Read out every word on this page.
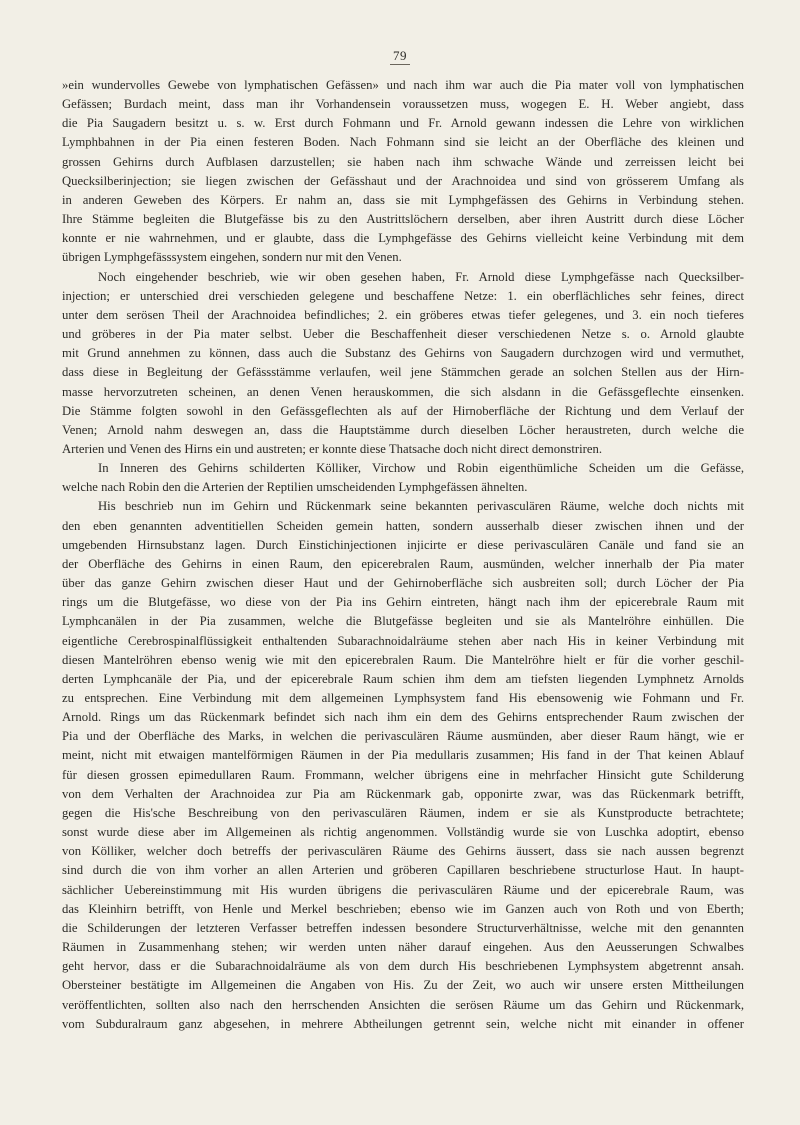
79
»ein wundervolles Gewebe von lymphatischen Gefässen» und nach ihm war auch die Pia mater voll von lymphatischen
Gefässen; Burdach meint, dass man ihr Vorhandensein voraussetzen muss, wogegen E. H. Weber angiebt, dass
die Pia Saugadern besitzt u. s. w. Erst durch Fohmann und Fr. Arnold gewann indessen die Lehre von wirklichen
Lymphbahnen in der Pia einen festeren Boden. Nach Fohmann sind sie leicht an der Oberfläche des kleinen und
grossen Gehirns durch Aufblasen darzustellen; sie haben nach ihm schwache Wände und zerreissen leicht bei
Quecksilberinjection; sie liegen zwischen der Gefässhaut und der Arachnoidea und sind von grösserem Umfang als
in anderen Geweben des Körpers. Er nahm an, dass sie mit Lymphgefässen des Gehirns in Verbindung stehen.
Ihre Stämme begleiten die Blutgefässe bis zu den Austrittslöchern derselben, aber ihren Austritt durch diese Löcher
konnte er nie wahrnehmen, und er glaubte, dass die Lymphgefässe des Gehirns vielleicht keine Verbindung mit dem
übrigen Lymphgefässsystem eingehen, sondern nur mit den Venen.
Noch eingehender beschrieb, wie wir oben gesehen haben, Fr. Arnold diese Lymphgefässe nach Quecksilber-
injection; er unterschied drei verschieden gelegene und beschaffene Netze: 1. ein oberflächliches sehr feines, direct
unter dem serösen Theil der Arachnoidea befindliches; 2. ein gröberes etwas tiefer gelegenes, und 3. ein noch tieferes
und gröberes in der Pia mater selbst. Ueber die Beschaffenheit dieser verschiedenen Netze s. o. Arnold glaubte
mit Grund annehmen zu können, dass auch die Substanz des Gehirns von Saugadern durchzogen wird und vermuthet,
dass diese in Begleitung der Gefässstämme verlaufen, weil jene Stämmchen gerade an solchen Stellen aus der Hirn-
masse hervorzutreten scheinen, an denen Venen herauskommen, die sich alsdann in die Gefässgeflechte einsenken.
Die Stämme folgten sowohl in den Gefässgeflechten als auf der Hirnoberfläche der Richtung und dem Verlauf der
Venen; Arnold nahm deswegen an, dass die Hauptstämme durch dieselben Löcher heraustreten, durch welche die
Arterien und Venen des Hirns ein und austreten; er konnte diese Thatsache doch nicht direct demonstriren.
In Inneren des Gehirns schilderten Kölliker, Virchow und Robin eigenthümliche Scheiden um die Gefässe,
welche nach Robin den die Arterien der Reptilien umscheidenden Lymphgefässen ähnelten.
His beschrieb nun im Gehirn und Rückenmark seine bekannten perivasculären Räume, welche doch nichts mit
den eben genannten adventitiellen Scheiden gemein hatten, sondern ausserhalb dieser zwischen ihnen und der
umgebenden Hirnsubstanz lagen. Durch Einstichinjectionen injicirte er diese perivasculären Canäle und fand sie an
der Oberfläche des Gehirns in einen Raum, den epicerebralen Raum, ausmünden, welcher innerhalb der Pia mater
über das ganze Gehirn zwischen dieser Haut und der Gehirnoberfläche sich ausbreiten soll; durch Löcher der Pia
rings um die Blutgefässe, wo diese von der Pia ins Gehirn eintreten, hängt nach ihm der epicerebrale Raum mit
Lymphcanälen in der Pia zusammen, welche die Blutgefässe begleiten und sie als Mantelröhre einhüllen. Die
eigentliche Cerebrospinalflüssigkeit enthaltenden Subarachnoidalräume stehen aber nach His in keiner Verbindung mit
diesen Mantelröhren ebenso wenig wie mit den epicerebralen Raum. Die Mantelröhre hielt er für die vorher geschil-
derten Lymphcanäle der Pia, und der epicerebrale Raum schien ihm dem am tiefsten liegenden Lymphnetz Arnolds
zu entsprechen. Eine Verbindung mit dem allgemeinen Lymphsystem fand His ebensowenig wie Fohmann und Fr.
Arnold. Rings um das Rückenmark befindet sich nach ihm ein dem des Gehirns entsprechender Raum zwischen der
Pia und der Oberfläche des Marks, in welchen die perivasculären Räume ausmünden, aber dieser Raum hängt, wie er
meint, nicht mit etwaigen mantelförmigen Räumen in der Pia medullaris zusammen; His fand in der That keinen Ablauf
für diesen grossen epimedullaren Raum. Frommann, welcher übrigens eine in mehrfacher Hinsicht gute Schilderung
von dem Verhalten der Arachnoidea zur Pia am Rückenmark gab, opponirte zwar, was das Rückenmark betrifft,
gegen die His'sche Beschreibung von den perivasculären Räumen, indem er sie als Kunstproducte betrachtete;
sonst wurde diese aber im Allgemeinen als richtig angenommen. Vollständig wurde sie von Luschka adoptirt, ebenso
von Kölliker, welcher doch betreffs der perivasculären Räume des Gehirns äussert, dass sie nach aussen begrenzt
sind durch die von ihm vorher an allen Arterien und gröberen Capillaren beschriebene structurlose Haut. In haupt-
sächlicher Uebereinstimmung mit His wurden übrigens die perivasculären Räume und der epicerebrale Raum, was
das Kleinhirn betrifft, von Henle und Merkel beschrieben; ebenso wie im Ganzen auch von Roth und von Eberth;
die Schilderungen der letzteren Verfasser betreffen indessen besondere Structurverhältnisse, welche mit den genannten
Räumen in Zusammenhang stehen; wir werden unten näher darauf eingehen. Aus den Aeusserungen Schwalbes
geht hervor, dass er die Subarachnoidalräume als von dem durch His beschriebenen Lymphsystem abgetrennt ansah.
Obersteiner bestätigte im Allgemeinen die Angaben von His. Zu der Zeit, wo auch wir unsere ersten Mittheilungen
veröffentlichten, sollten also nach den herrschenden Ansichten die serösen Räume um das Gehirn und Rückenmark,
vom Subduralraum ganz abgesehen, in mehrere Abtheilungen getrennt sein, welche nicht mit einander in offener
